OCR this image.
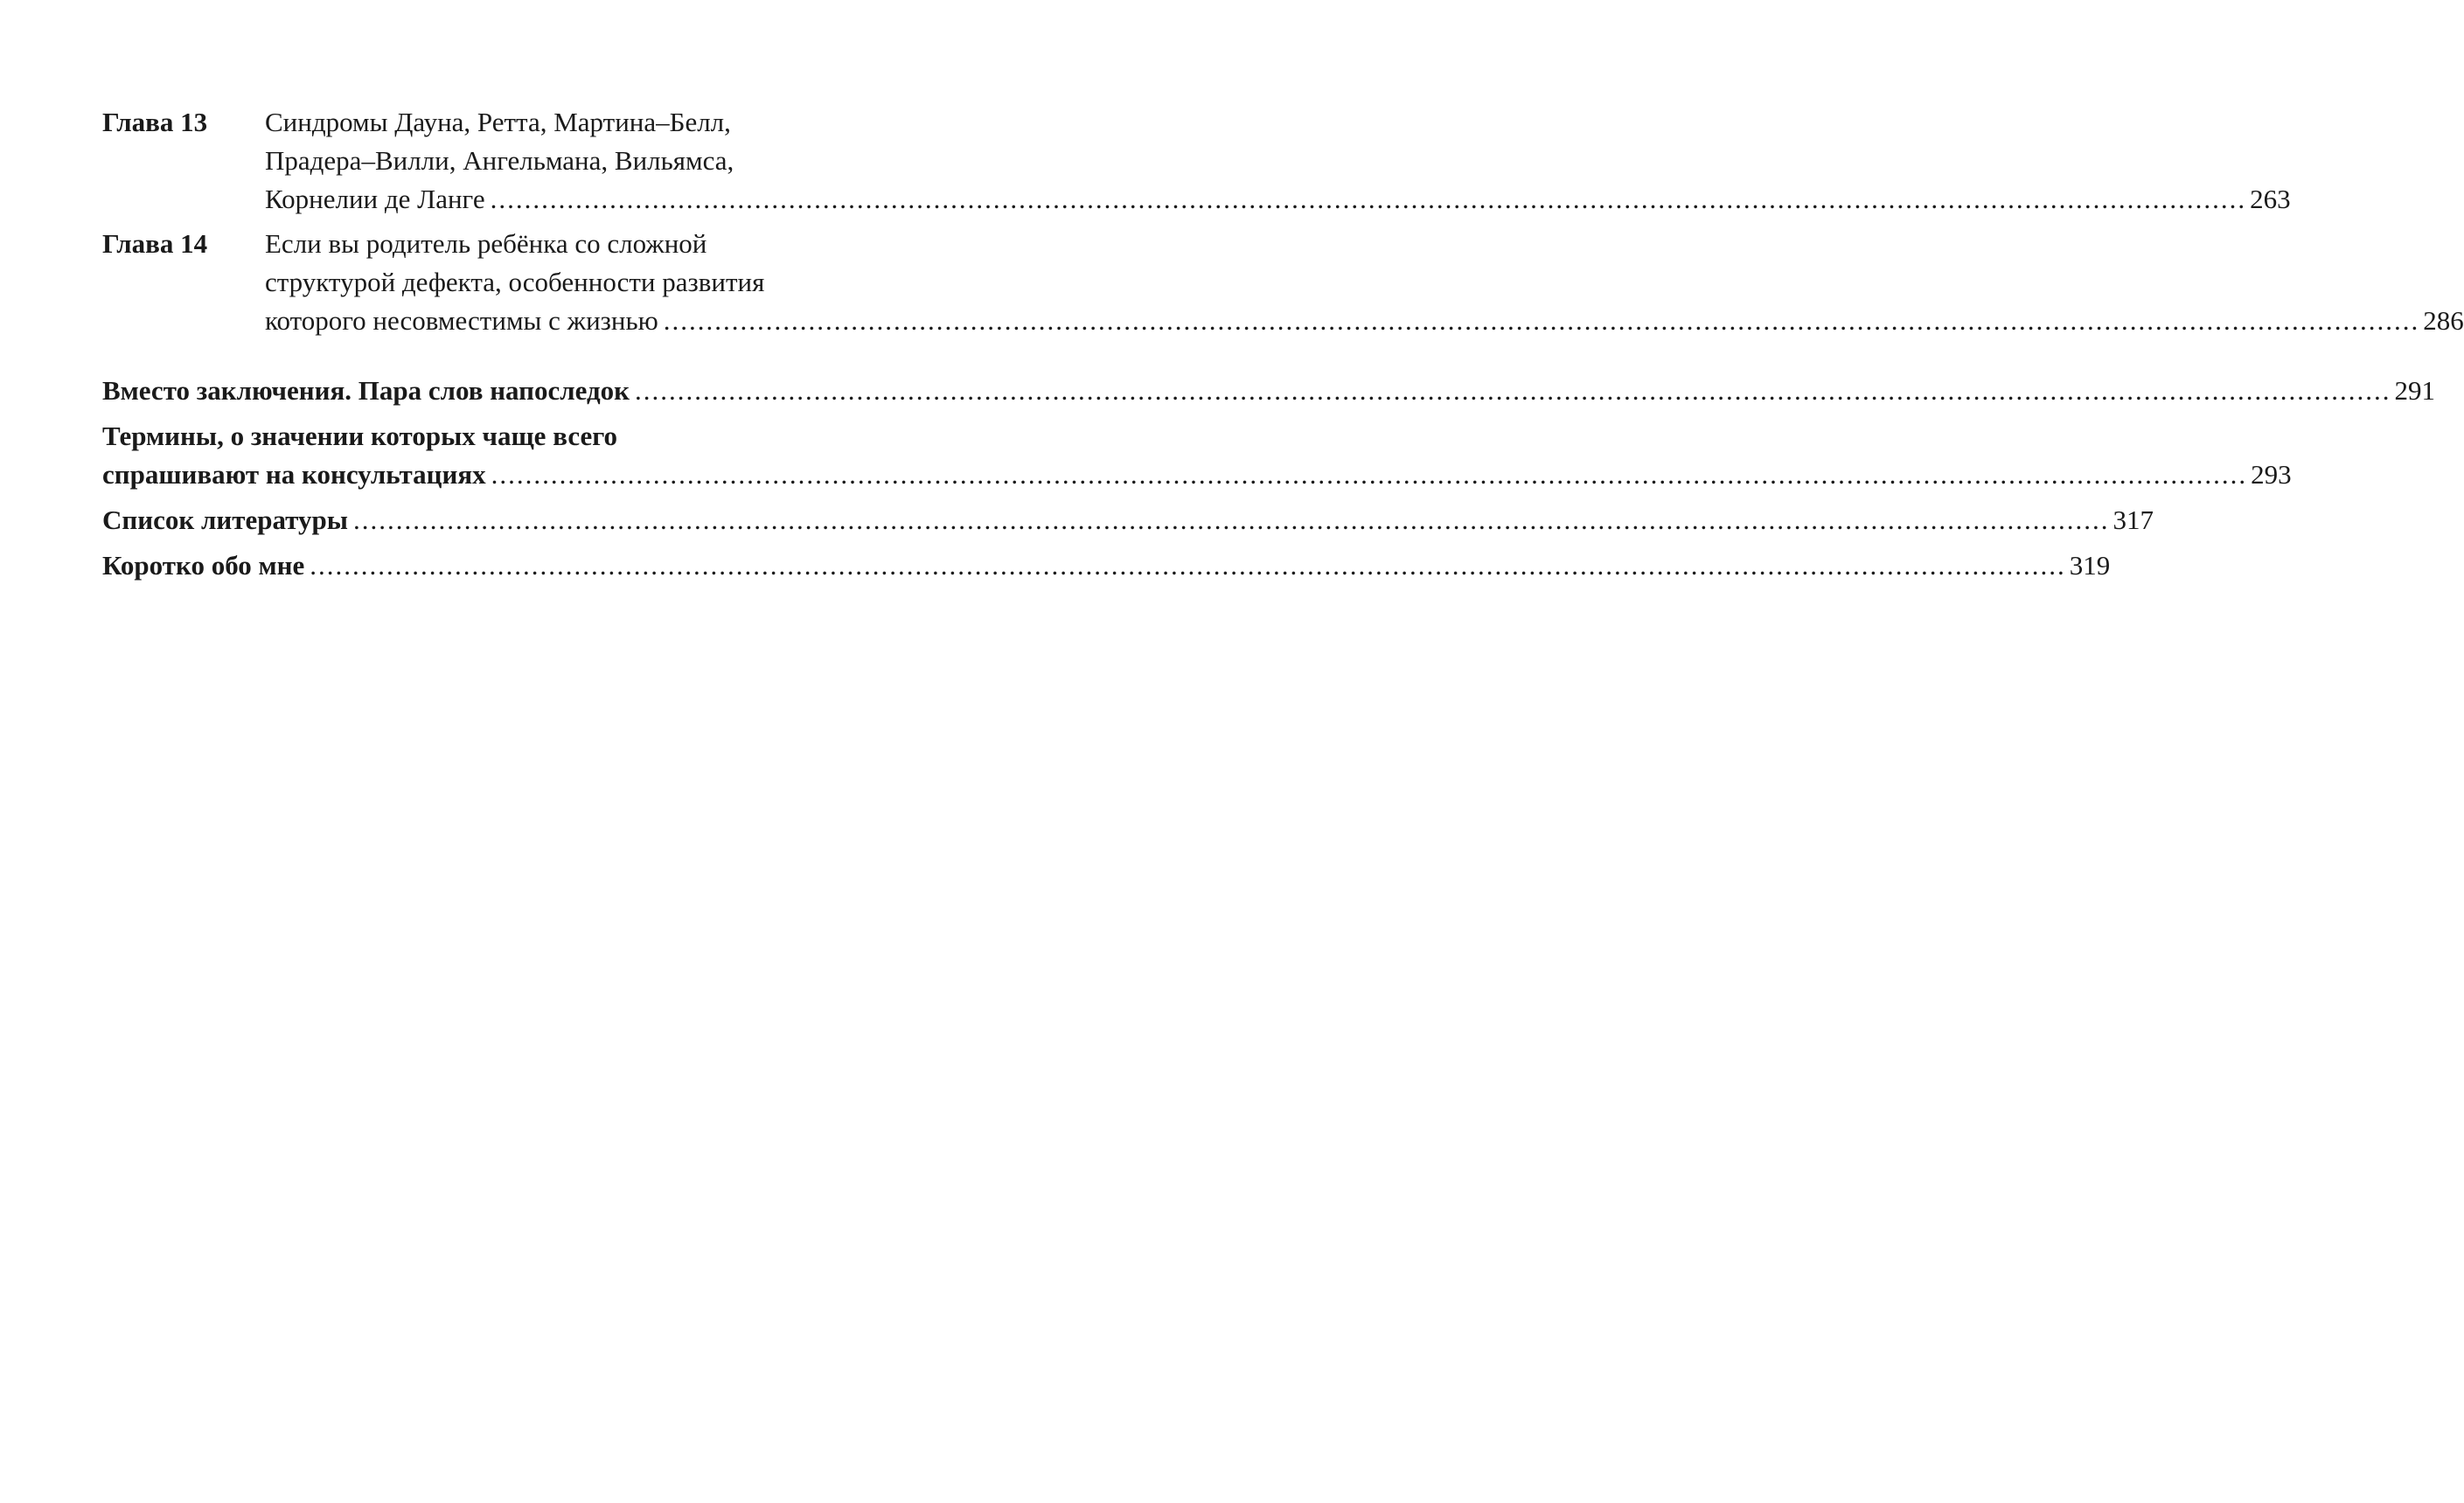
Глава 13	Синдромы Дауна, Ретта, Мартина–Белл,
Прадера–Вилли, Ангельмана, Вильямса,
Корнелии де Ланге .....	263
Глава 14	Если вы родитель ребёнка со сложной
структурой дефекта, особенности развития
которого несовместимы с жизнью .....	286
Вместо заключения. Пара слов напоследок .....	291
Термины, о значении которых чаще всего
спрашивают на консультациях .....	293
Список литературы .....	317
Коротко обо мне .....	319
